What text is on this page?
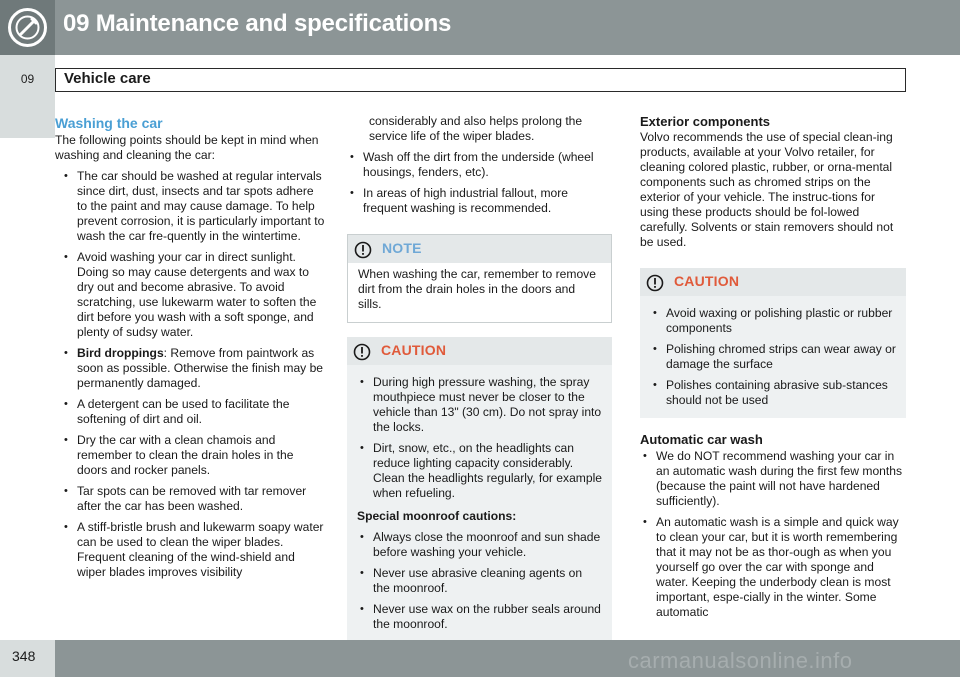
09 Maintenance and specifications
09	Vehicle care
Washing the car

The following points should be kept in mind when washing and cleaning the car:

• The car should be washed at regular intervals since dirt, dust, insects and tar spots adhere to the paint and may cause damage. To help prevent corrosion, it is particularly important to wash the car fre-quently in the wintertime.
• Avoid washing your car in direct sunlight. Doing so may cause detergents and wax to dry out and become abrasive. To avoid scratching, use lukewarm water to soften the dirt before you wash with a soft sponge, and plenty of sudsy water.
• Bird droppings: Remove from paintwork as soon as possible. Otherwise the finish may be permanently damaged.
• A detergent can be used to facilitate the softening of dirt and oil.
• Dry the car with a clean chamois and remember to clean the drain holes in the doors and rocker panels.
• Tar spots can be removed with tar remover after the car has been washed.
• A stiff-bristle brush and lukewarm soapy water can be used to clean the wiper blades. Frequent cleaning of the wind-shield and wiper blades improves visibility

considerably and also helps prolong the service life of the wiper blades.

• Wash off the dirt from the underside (wheel housings, fenders, etc).
• In areas of high industrial fallout, more frequent washing is recommended.
NOTE

When washing the car, remember to remove dirt from the drain holes in the doors and sills.

CAUTION
• During high pressure washing, the spray mouthpiece must never be closer to the vehicle than 13" (30 cm). Do not spray into the locks.
• Dirt, snow, etc., on the headlights can reduce lighting capacity considerably. Clean the headlights regularly, for example when refueling.

Special moonroof cautions:

• Always close the moonroof and sun shade before washing your vehicle.
• Never use abrasive cleaning agents on the moonroof.
• Never use wax on the rubber seals around the moonroof.
Exterior components

Volvo recommends the use of special clean-ing products, available at your Volvo retailer, for cleaning colored plastic, rubber, or orna-mental components such as chromed strips on the exterior of your vehicle. The instruc-tions for using these products should be fol-lowed carefully. Solvents or stain removers should not be used.

CAUTION
• Avoid waxing or polishing plastic or rubber components
• Polishing chromed strips can wear away or damage the surface
• Polishes containing abrasive sub-stances should not be used
Automatic car wash
• We do NOT recommend washing your car in an automatic wash during the first few months (because the paint will not have hardened sufficiently).
• An automatic wash is a simple and quick way to clean your car, but it is worth remembering that it may not be as thor-ough as when you yourself go over the car with sponge and water. Keeping the underbody clean is most important, espe-cially in the winter. Some automatic
348	carmanualsonline.info
